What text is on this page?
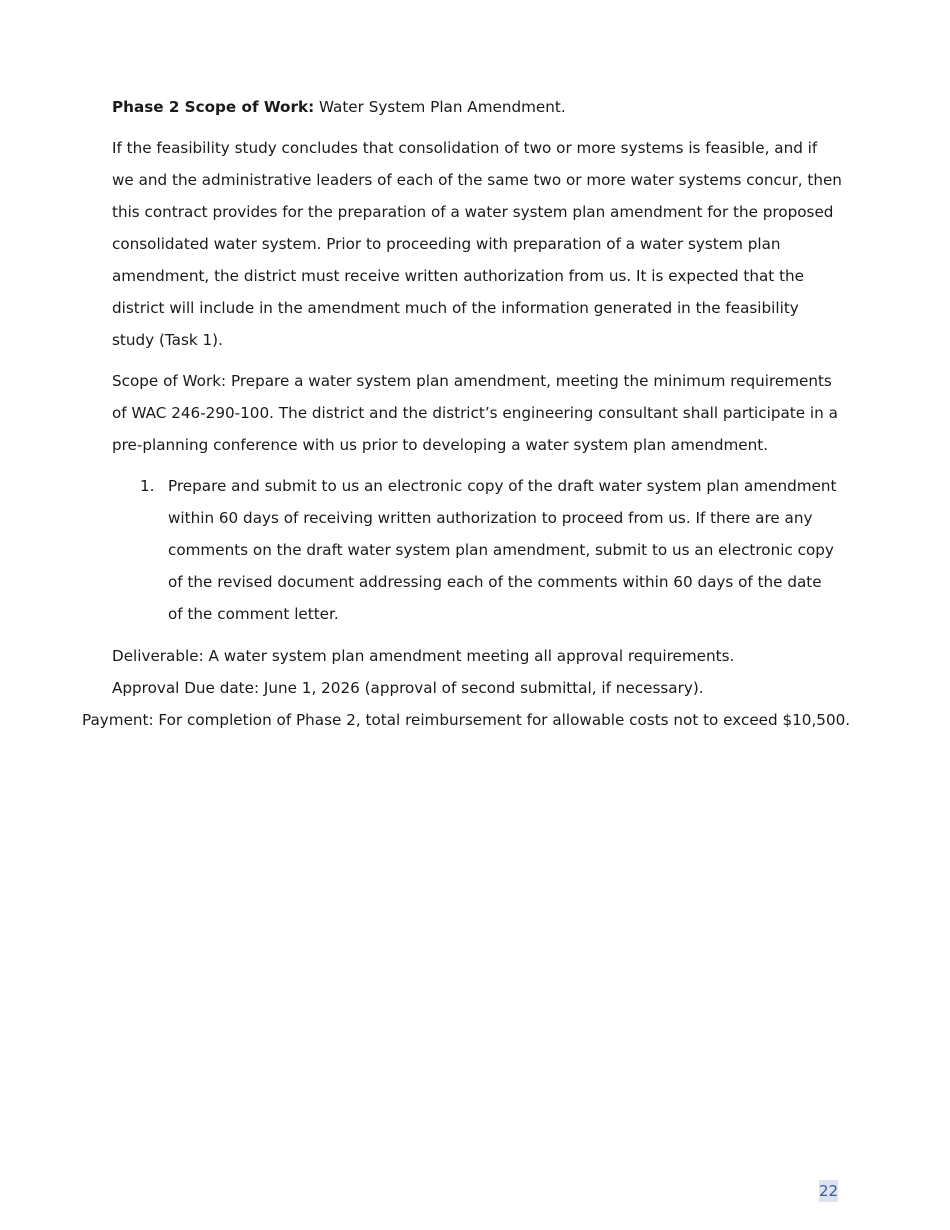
Phase 2 Scope of Work: Water System Plan Amendment.

If the feasibility study concludes that consolidation of two or more systems is feasible, and if we and the administrative leaders of each of the same two or more water systems concur, then this contract provides for the preparation of a water system plan amendment for the proposed consolidated water system. Prior to proceeding with preparation of a water system plan amendment, the district must receive written authorization from us. It is expected that the district will include in the amendment much of the information generated in the feasibility study (Task 1).

Scope of Work: Prepare a water system plan amendment, meeting the minimum requirements of WAC 246-290-100. The district and the district’s engineering consultant shall participate in a pre-planning conference with us prior to developing a water system plan amendment.

1. Prepare and submit to us an electronic copy of the draft water system plan amendment within 60 days of receiving written authorization to proceed from us. If there are any comments on the draft water system plan amendment, submit to us an electronic copy of the revised document addressing each of the comments within 60 days of the date of the comment letter.
Deliverable: A water system plan amendment meeting all approval requirements.
Approval Due date: June 1, 2026 (approval of second submittal, if necessary).
Payment: For completion of Phase 2, total reimbursement for allowable costs not to exceed $10,500.
22
